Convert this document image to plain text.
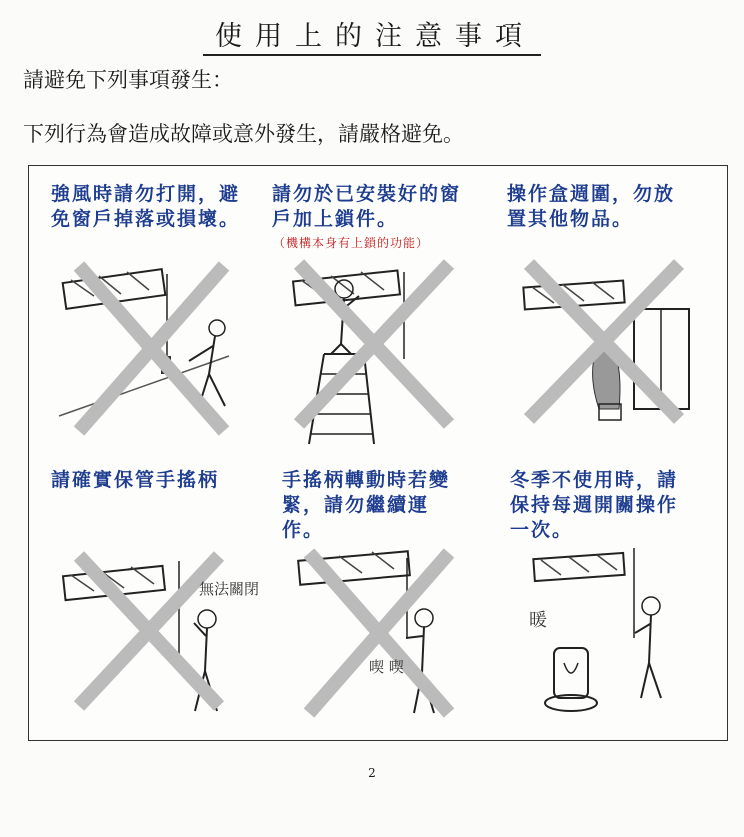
使用上的注意事項
請避免下列事項發生：
下列行為會造成故障或意外發生，請嚴格避免。
強風時請勿打開，避免窗戶掉落或損壞。
請勿於已安裝好的窗戶加上鎖件。
（機構本身有上鎖的功能）
操作盒週圍，勿放置其他物品。
請確實保管手搖柄	手搖柄轉動時若變緊，請勿繼續運作。
冬季不使用時，請保持每週開關操作一次。
無法關閉
喫 喫
暖
2
